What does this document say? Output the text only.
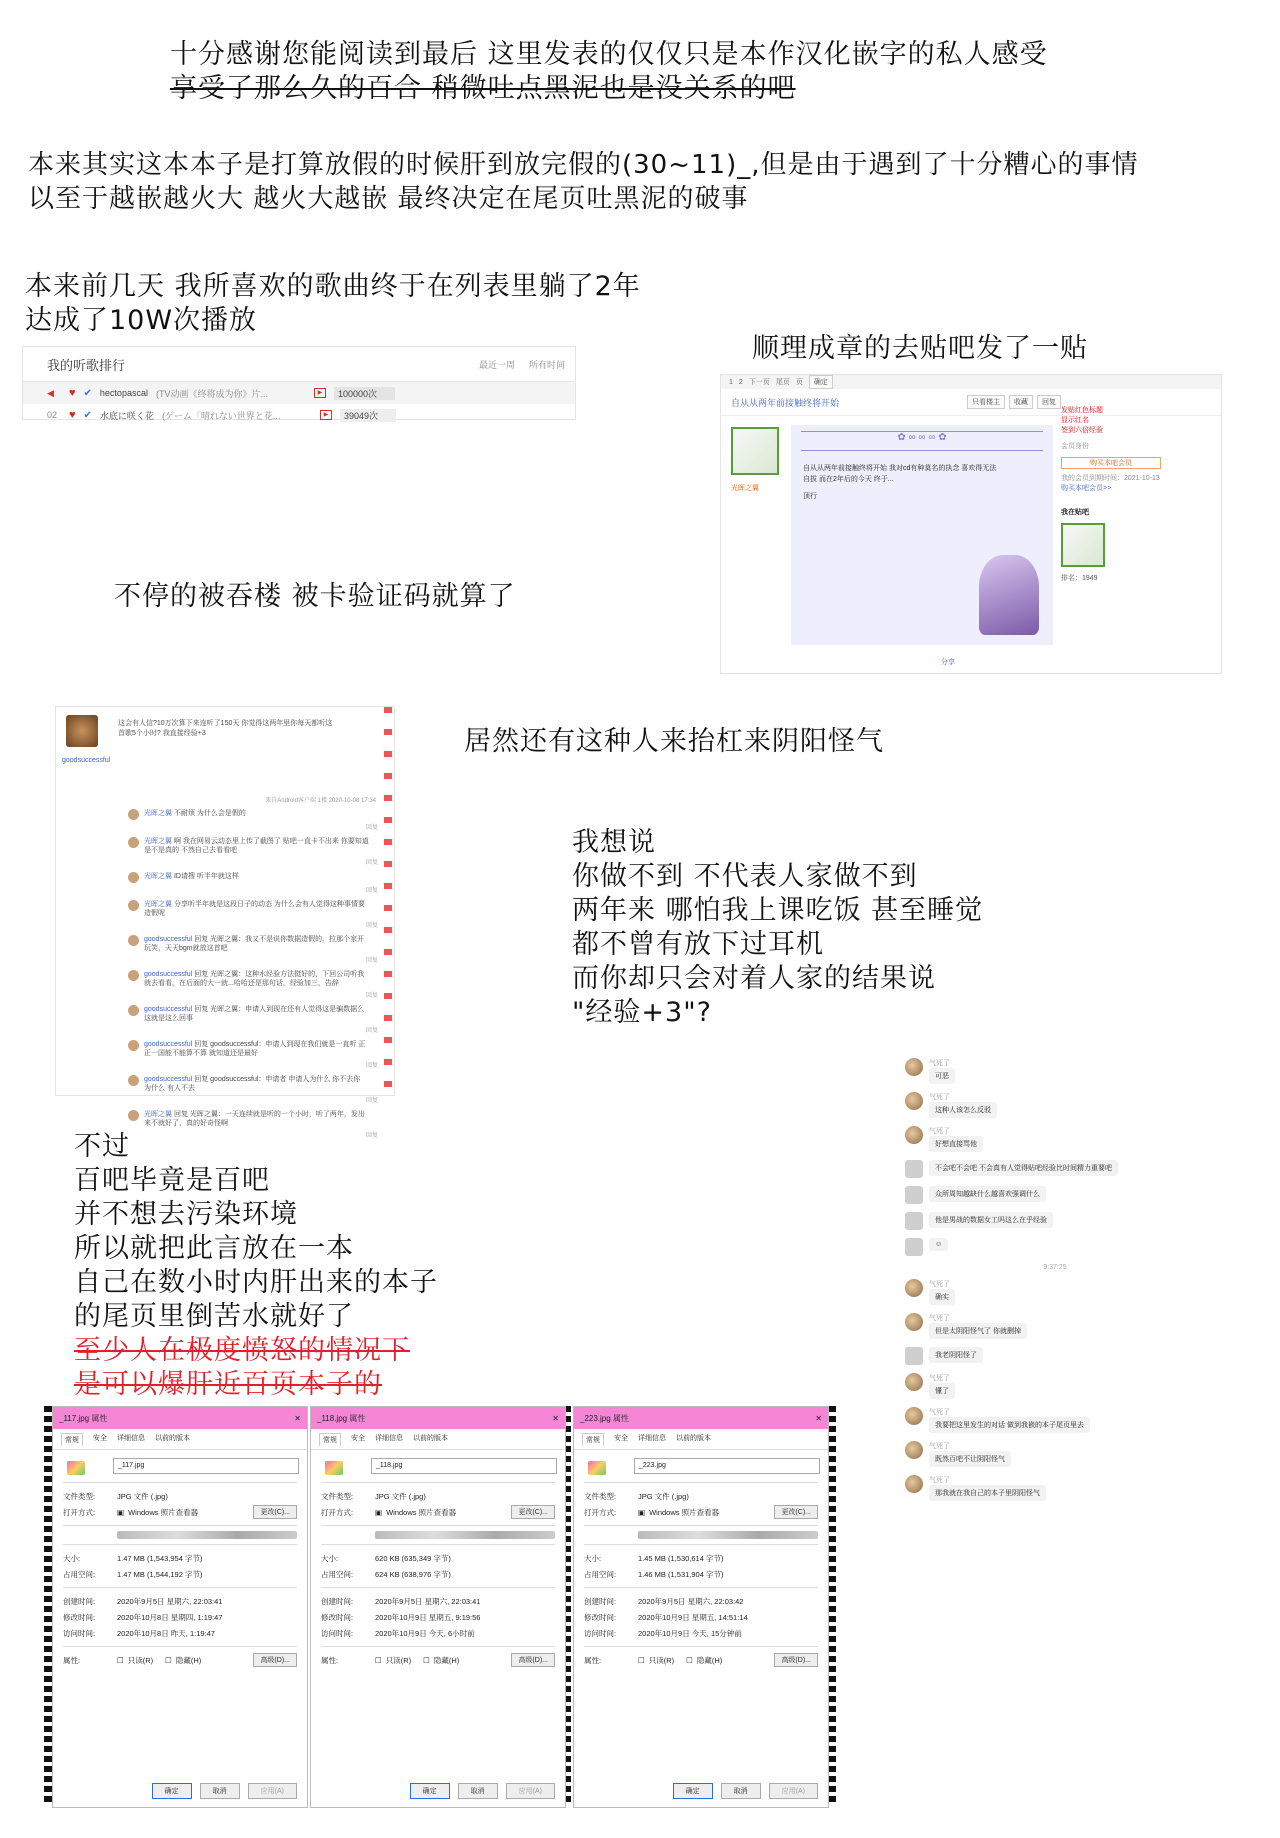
十分感谢您能阅读到最后 这里发表的仅仅只是本作汉化嵌字的私人感受
享受了那么久的百合 稍微吐点黑泥也是没关系的吧
本来其实这本本子是打算放假的时候肝到放完假的(30~11)_,但是由于遇到了十分糟心的事情
以至于越嵌越火大 越火大越嵌 最终决定在尾页吐黑泥的破事
本来前几天 我所喜欢的歌曲终于在列表里躺了2年
达成了10W次播放
我的听歌排行	最近一周 所有时间
◀	♥ ✔ hectopascal (TV动画《终将成为你》片...	▶	100000次
02	♥ ✔ 水底に咲く花 (ゲーム「晴れない世界と花...	▶	39049次
顺理成章的去贴吧发了一贴
1 2 下一页 尾页 页	确定
自从从两年前接触终将开始	只看楼主	收藏	回复
光晖之翼
✿ ∞ ∞ ∞ ✿
自从从两年前接触终将开始 我对cd有种莫名的执念 喜欢得无法自拔 而在2年后的今天 终于...
顶行
分享
发贴红色标题
显示红名
签到六倍经验
会员身份
购买本吧会员
我的会员到期时间：2021-10-13
购买本吧会员>>
我在贴吧
排名：1949
不停的被吞楼 被卡验证码就算了
goodsuccessful
这会有人信?10万次算下来连听了150天 你觉得这两年里你每天都听这首歌5个小时? 我直接经验+3
来自Android客户端 1楼 2020-10-08 17:34
光晖之翼 不耐烦 为什么会是假的
回复
光晖之翼 啊 我在网易云动态里上传了截图了 贴吧一直卡不出来 你要知道是不是真的 不然自己去看看吧
回复
光晖之翼 ID请搜 听半年就这样
回复
光晖之翼 分享听半年就是这段日子的动态 为什么会有人觉得这种事情要造假呢
回复
goodsuccessful 回复 光晖之翼：我又不是说你数据造假的，拉那个家开玩笑，天天bgm就放这首吧
回复
goodsuccessful 回复 光晖之翼：这种水经验方法挺好的，下回公司听我就去看看，在后面的大一就...哈哈还是那句话，经验加三，告辞
回复
goodsuccessful 回复 光晖之翼：申请人到现在还有人觉得这是骗数据么 这就是这么回事
回复
goodsuccessful 回复 goodsuccessful：申请人到现在我们就是一直听 正正一国能不能算不算 就知道还是最好
回复
goodsuccessful 回复 goodsuccessful：申请者 申请人为什么 你不去你 为什么 有人不去
回复
光晖之翼 回复 光晖之翼：一天连续就是听的一个小时，听了两年，发出来不就好了，真的好奇怪啊
回复
居然还有这种人来抬杠来阴阳怪气
我想说
你做不到 不代表人家做不到
两年来 哪怕我上课吃饭 甚至睡觉
都不曾有放下过耳机
而你却只会对着人家的结果说
"经验+3"?
气死了
可恶
气死了
这种人该怎么反驳
气死了
好想直接骂他
不会吧不会吧 不会真有人觉得贴吧经验比时间精力重要吧
众所周知越缺什么越喜欢强调什么
他是男战的数据女工吗这么在乎经验
☺
9:37:25
气死了
确实
气死了
但是太阴阳怪气了 你就删掉
我老阴阳怪了
气死了
懂了
气死了
我要把这里发生的对话 做到我嵌的本子尾页里去
气死了
既然百吧不让阴阳怪气
气死了
那我就在我自己的本子里阴阳怪气
不过
百吧毕竟是百吧
并不想去污染环境
所以就把此言放在一本
自己在数小时内肝出来的本子
的尾页里倒苦水就好了
至少人在极度愤怒的情况下
是可以爆肝近百页本子的
_117.jpg 属性	✕
常规	安全 详细信息 以前的版本
_117.jpg
文件类型:	JPG 文件 (.jpg)
打开方式:	▣ Windows 照片查看器	更改(C)...
大小:	1.47 MB (1,543,954 字节)
占用空间:	1.47 MB (1,544,192 字节)
创建时间:	2020年9月5日 星期六, 22:03:41
修改时间:	2020年10月8日 星期四, 1:19:47
访问时间:	2020年10月8日 昨天, 1:19:47
属性:	☐ 只读(R) ☐ 隐藏(H)	高级(D)...
确定	取消	应用(A)
_118.jpg 属性	✕
常规	安全 详细信息 以前的版本
_118.jpg
文件类型:	JPG 文件 (.jpg)
打开方式:	▣ Windows 照片查看器	更改(C)...
大小:	620 KB (635,349 字节)
占用空间:	624 KB (638,976 字节)
创建时间:	2020年9月5日 星期六, 22:03:41
修改时间:	2020年10月9日 星期五, 9:19:56
访问时间:	2020年10月9日 今天, 6小时前
属性:	☐ 只读(R) ☐ 隐藏(H)	高级(D)...
确定	取消	应用(A)
_223.jpg 属性	✕
常规	安全 详细信息 以前的版本
_223.jpg
文件类型:	JPG 文件 (.jpg)
打开方式:	▣ Windows 照片查看器	更改(C)...
大小:	1.45 MB (1,530,614 字节)
占用空间:	1.46 MB (1,531,904 字节)
创建时间:	2020年9月5日 星期六, 22:03:42
修改时间:	2020年10月9日 星期五, 14:51:14
访问时间:	2020年10月9日 今天, 15分钟前
属性:	☐ 只读(R) ☐ 隐藏(H)	高级(D)...
确定	取消	应用(A)
